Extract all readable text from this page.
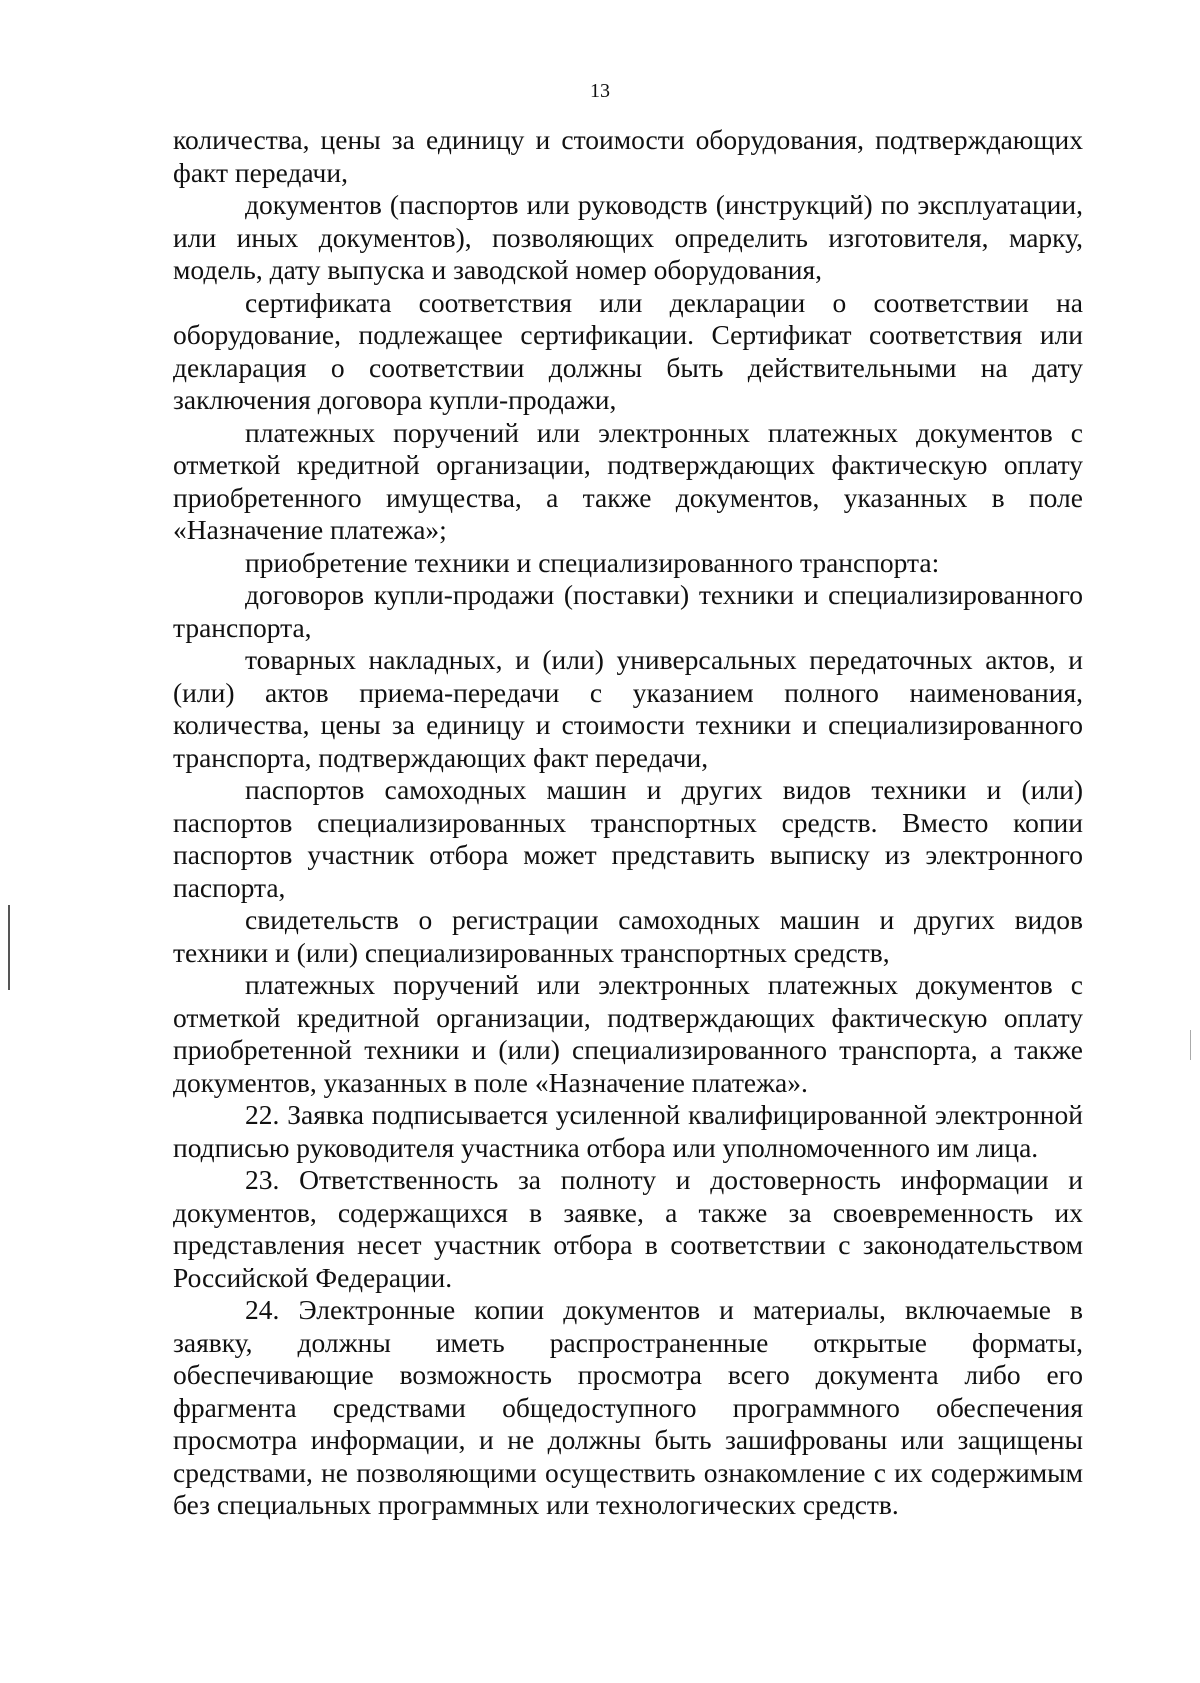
13

количества, цены за единицу и стоимости оборудования, подтверждающих факт передачи,

документов (паспортов или руководств (инструкций) по эксплуатации, или иных документов), позволяющих определить изготовителя, марку, модель, дату выпуска и заводской номер оборудования,

сертификата соответствия или декларации о соответствии на оборудование, подлежащее сертификации. Сертификат соответствия или декларация о соответствии должны быть действительными на дату заключения договора купли-продажи,

платежных поручений или электронных платежных документов с отметкой кредитной организации, подтверждающих фактическую оплату приобретенного имущества, а также документов, указанных в поле «Назначение платежа»;

приобретение техники и специализированного транспорта:

договоров купли-продажи (поставки) техники и специализированного транспорта,

товарных накладных, и (или) универсальных передаточных актов, и (или) актов приема-передачи с указанием полного наименования, количества, цены за единицу и стоимости техники и специализированного транспорта, подтверждающих факт передачи,

паспортов самоходных машин и других видов техники и (или) паспортов специализированных транспортных средств. Вместо копии паспортов участник отбора может представить выписку из электронного паспорта,

свидетельств о регистрации самоходных машин и других видов техники и (или) специализированных транспортных средств,

платежных поручений или электронных платежных документов с отметкой кредитной организации, подтверждающих фактическую оплату приобретенной техники и (или) специализированного транспорта, а также документов, указанных в поле «Назначение платежа».

22. Заявка подписывается усиленной квалифицированной электронной подписью руководителя участника отбора или уполномоченного им лица.

23. Ответственность за полноту и достоверность информации и документов, содержащихся в заявке, а также за своевременность их представления несет участник отбора в соответствии с законодательством Российской Федерации.

24. Электронные копии документов и материалы, включаемые в заявку, должны иметь распространенные открытые форматы, обеспечивающие возможность просмотра всего документа либо его фрагмента средствами общедоступного программного обеспечения просмотра информации, и не должны быть зашифрованы или защищены средствами, не позволяющими осуществить ознакомление с их содержимым без специальных программных или технологических средств.
